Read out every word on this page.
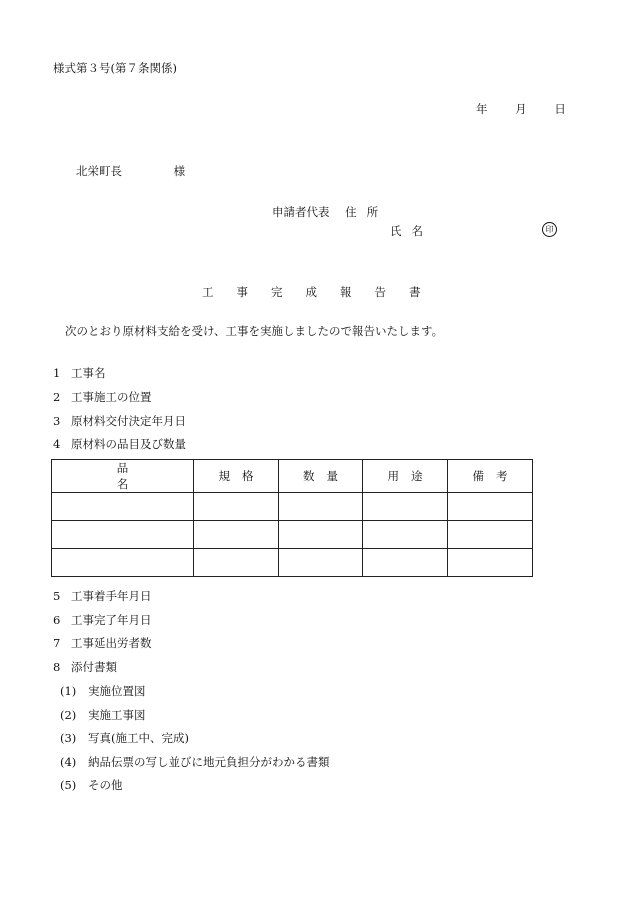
様式第３号(第７条関係)
年 月 日
北栄町長	様
申請者代表 住所
氏名	印
工事完成報告書
次のとおり原材料支給を受け、工事を実施しましたので報告いたします。
1 工事名
2 工事施工の位置
3 原材料交付決定年月日
4 原材料の品目及び数量
品名	規格	数量	用途	備考

5 工事着手年月日
6 工事完了年月日
7 工事延出労者数
8 添付書類
(1) 実施位置図
(2) 実施工事図
(3) 写真(施工中、完成)
(4) 納品伝票の写し並びに地元負担分がわかる書類
(5) その他
